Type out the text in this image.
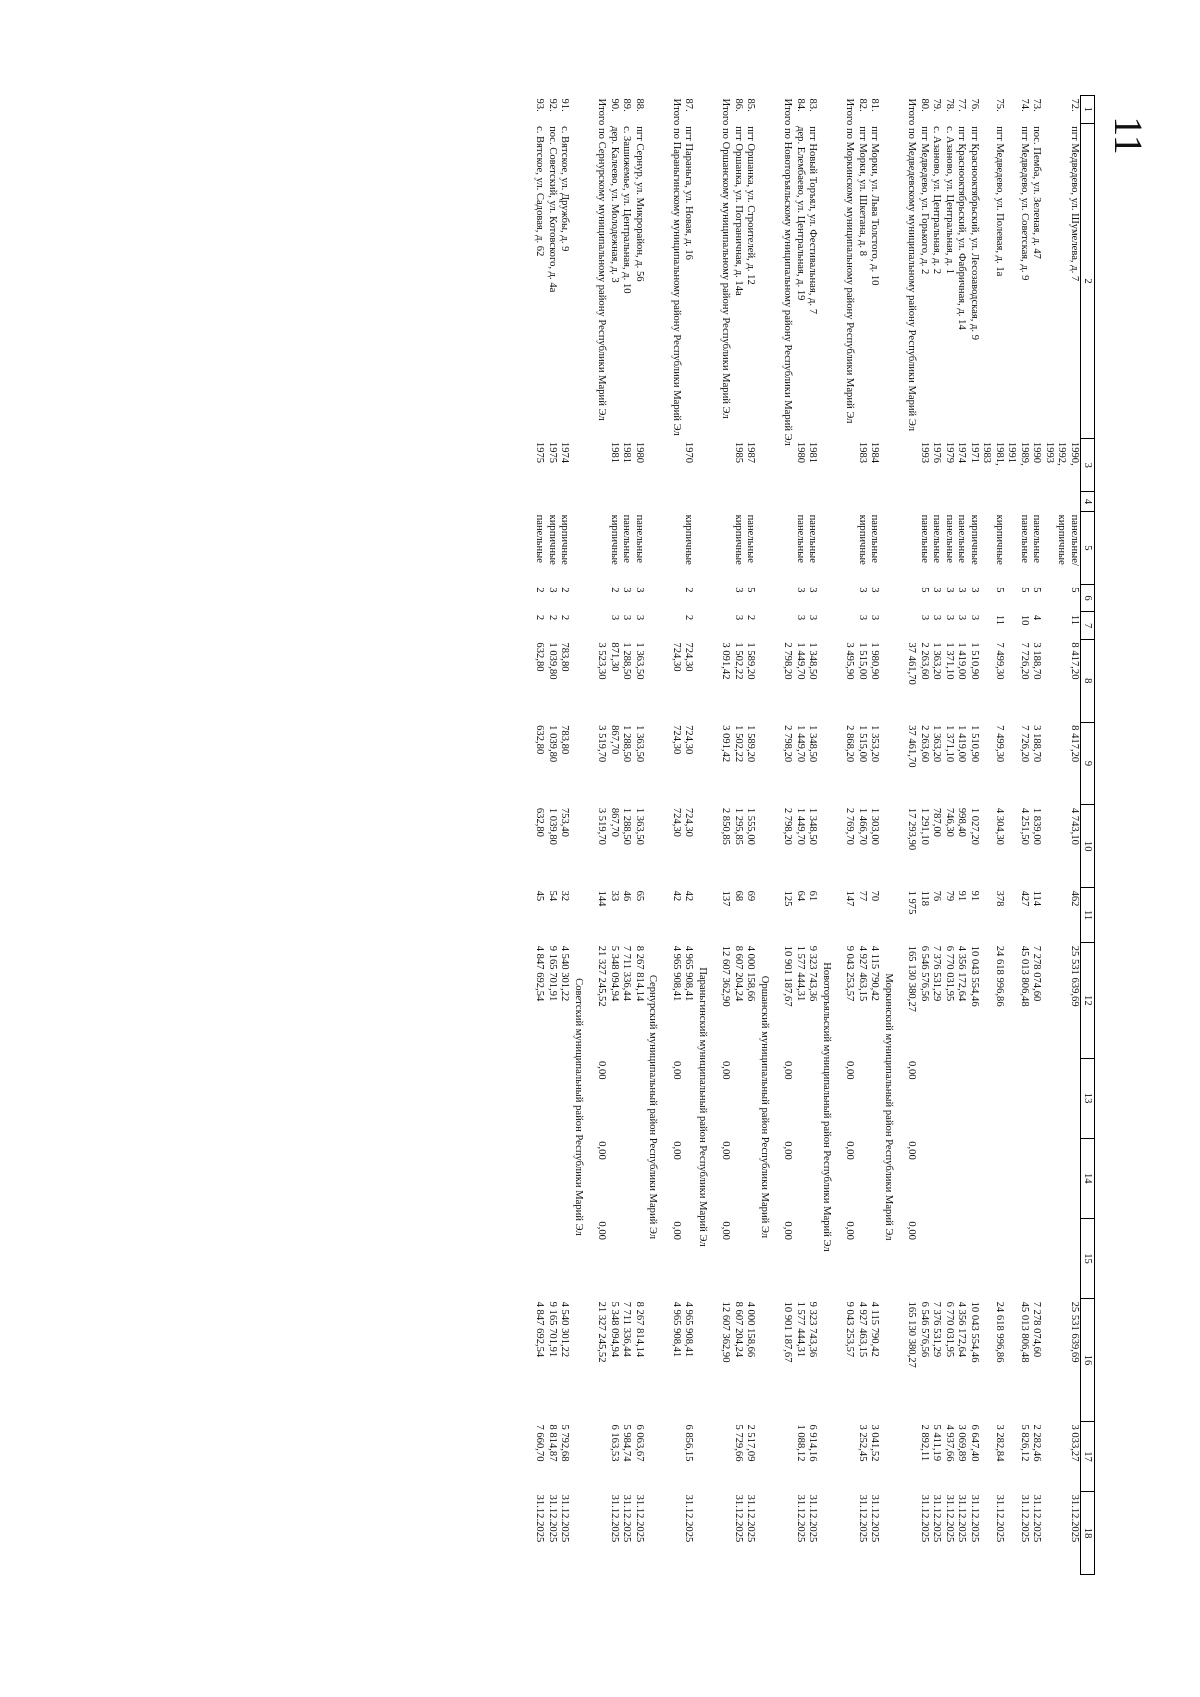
11
1	2	3	4	5	6	7	8	9	10	11	12	13	14	15	16	17	18
72.	пгт Медведево, ул. Шумелева, д. 7	1990, 1992, 1993		панельные/ кирпичные	5	11	8 417,20	8 417,20	4 743,10	462	25 531 639,69				25 531 639,69	3 033,27	31.12.2025
73.	пос. Пемба, ул. Зеленая, д. 47	1990		панельные	5	4	3 188,70	3 188,70	1 839,00	114	7 278 074,60				7 278 074,60	2 282,46	31.12.2025
74.	пгт Медведево, ул. Советская, д. 9	1989, 1991		панельные	5	10	7 726,20	7 726,20	4 251,50	427	45 013 806,48				45 013 806,48	5 826,12	31.12.2025
75.	пгт Медведево, ул. Полевая, д. 1а	1981, 1983		кирпичные	5	11	7 499,30	7 499,30	4 304,30	378	24 618 996,86				24 618 996,86	3 282,84	31.12.2025
76.	пгт Краснооктябрьский, ул. Лесозаводская, д. 9	1971		кирпичные	3	3	1 510,90	1 510,90	1 027,20	91	10 043 554,46				10 043 554,46	6 647,40	31.12.2025
77.	пгт Краснооктябрьский, ул. Фабричная, д. 14	1974		панельные	3	3	1 419,00	1 419,00	998,40	91	4 356 172,64				4 356 172,64	3 069,89	31.12.2025
78.	с. Азаново, ул. Центральная, д. 1	1979		панельные	3	3	1 371,10	1 371,10	746,30	79	6 770 031,95				6 770 031,95	4 937,66	31.12.2025
79.	с. Азаново, ул. Центральная, д. 2	1976		панельные	3	3	1 363,20	1 363,20	787,00	76	7 376 531,29				7 376 531,29	5 411,19	31.12.2025
80.	пгт Медведево, ул. Горького, д. 2	1993		панельные	5	3	2 263,60	2 263,60	1 291,10	118	6 546 576,56				6 546 576,56	2 892,11	31.12.2025
Итого по Медведевскому муниципальному району Республики Марий Эл							37 461,70	37 461,70	17 293,90	1 975	165 130 380,27	0,00	0,00	0,00	165 130 380,27		

							Моркинский муниципальный район Республики Марий Эл										
81.	пгт Морки, ул. Льва Толстого, д. 10	1984		панельные	3	3	1 980,90	1 353,20	1 303,00	70	4 115 790,42				4 115 790,42	3 041,52	31.12.2025
82.	пгт Морки, ул. Шкетана, д. 8	1983		кирпичные	3	3	1 515,00	1 515,00	1 466,70	77	4 927 463,15				4 927 463,15	3 252,45	31.12.2025
Итого по Моркинскому муниципальному району Республики Марий Эл							3 495,90	2 868,20	2 769,70	147	9 043 253,57	0,00	0,00	0,00	9 043 253,57		

							Новоторъяльский муниципальный район Республики Марий Эл										
83.	пгт Новый Торъял, ул. Фестивальная, д. 7	1981		панельные	3	3	1 348,50	1 348,50	1 348,50	61	9 323 743,36				9 323 743,36	6 914,16	31.12.2025
84.	дер. Елембаево, ул. Центральная, д. 19	1980		панельные	3	3	1 449,70	1 449,70	1 449,70	64	1 577 444,31				1 577 444,31	1 088,12	31.12.2025
Итого по Новоторъяльскому муниципальному району Республики Марий Эл							2 798,20	2 798,20	2 798,20	125	10 901 187,67	0,00	0,00	0,00	10 901 187,67		

							Оршанский муниципальный район Республики Марий Эл										
85.	пгт Оршанка, ул. Строителей, д. 12	1987		панельные	5	2	1 589,20	1 589,20	1 555,00	69	4 000 158,66				4 000 158,66	2 517,09	31.12.2025
86.	пгт Оршанка, ул. Пограничная, д. 14а	1985		кирпичные	3	3	1 502,22	1 502,22	1 295,85	68	8 607 204,24				8 607 204,24	5 729,66	31.12.2025
Итого по Оршанскому муниципальному району Республики Марий Эл							3 091,42	3 091,42	2 850,85	137	12 607 362,90	0,00	0,00	0,00	12 607 362,90		

							Параньгинский муниципальный район Республики Марий Эл										
87.	пгт Параньга, ул. Новая, д. 16	1970		кирпичные	2	2	724,30	724,30	724,30	42	4 965 908,41				4 965 908,41	6 856,15	31.12.2025
Итого по Параньгинскому муниципальному району Республики Марий Эл							724,30	724,30	724,30	42	4 965 908,41	0,00	0,00	0,00	4 965 908,41		

							Сернурский муниципальный район Республики Марий Эл										
88.	пгт Сернур, ул. Микрорайон, д. 56	1980		панельные	3	3	1 363,50	1 363,50	1 363,50	65	8 267 814,14				8 267 814,14	6 063,67	31.12.2025
89.	с. Зашижемье, ул. Центральная, д. 10	1981		панельные	3	3	1 288,50	1 288,50	1 288,50	46	7 711 336,44				7 711 336,44	5 984,74	31.12.2025
90.	дер. Калеево, ул. Молодежная, д. 3	1981		кирпичные	2	3	871,30	867,70	867,70	33	5 348 094,94				5 348 094,94	6 163,53	31.12.2025
Итого по Сернурскому муниципальному району Республики Марий Эл							3 523,30	3 519,70	3 519,70	144	21 327 245,52	0,00	0,00	0,00	21 327 245,52		

							Советский муниципальный район Республики Марий Эл										
91.	с. Вятское, ул. Дружбы, д. 9	1974		кирпичные	2	2	783,80	783,80	753,40	32	4 540 301,22				4 540 301,22	5 792,68	31.12.2025
92.	пос. Советский, ул. Котовского, д. 4а	1975		кирпичные	3	2	1 039,80	1 039,80	1 039,80	54	9 165 701,91				9 165 701,91	8 814,87	31.12.2025
93.	с. Вятское, ул. Садовая, д. 62	1975		панельные	2	2	632,80	632,80	632,80	45	4 847 692,54				4 847 692,54	7 660,70	31.12.2025
